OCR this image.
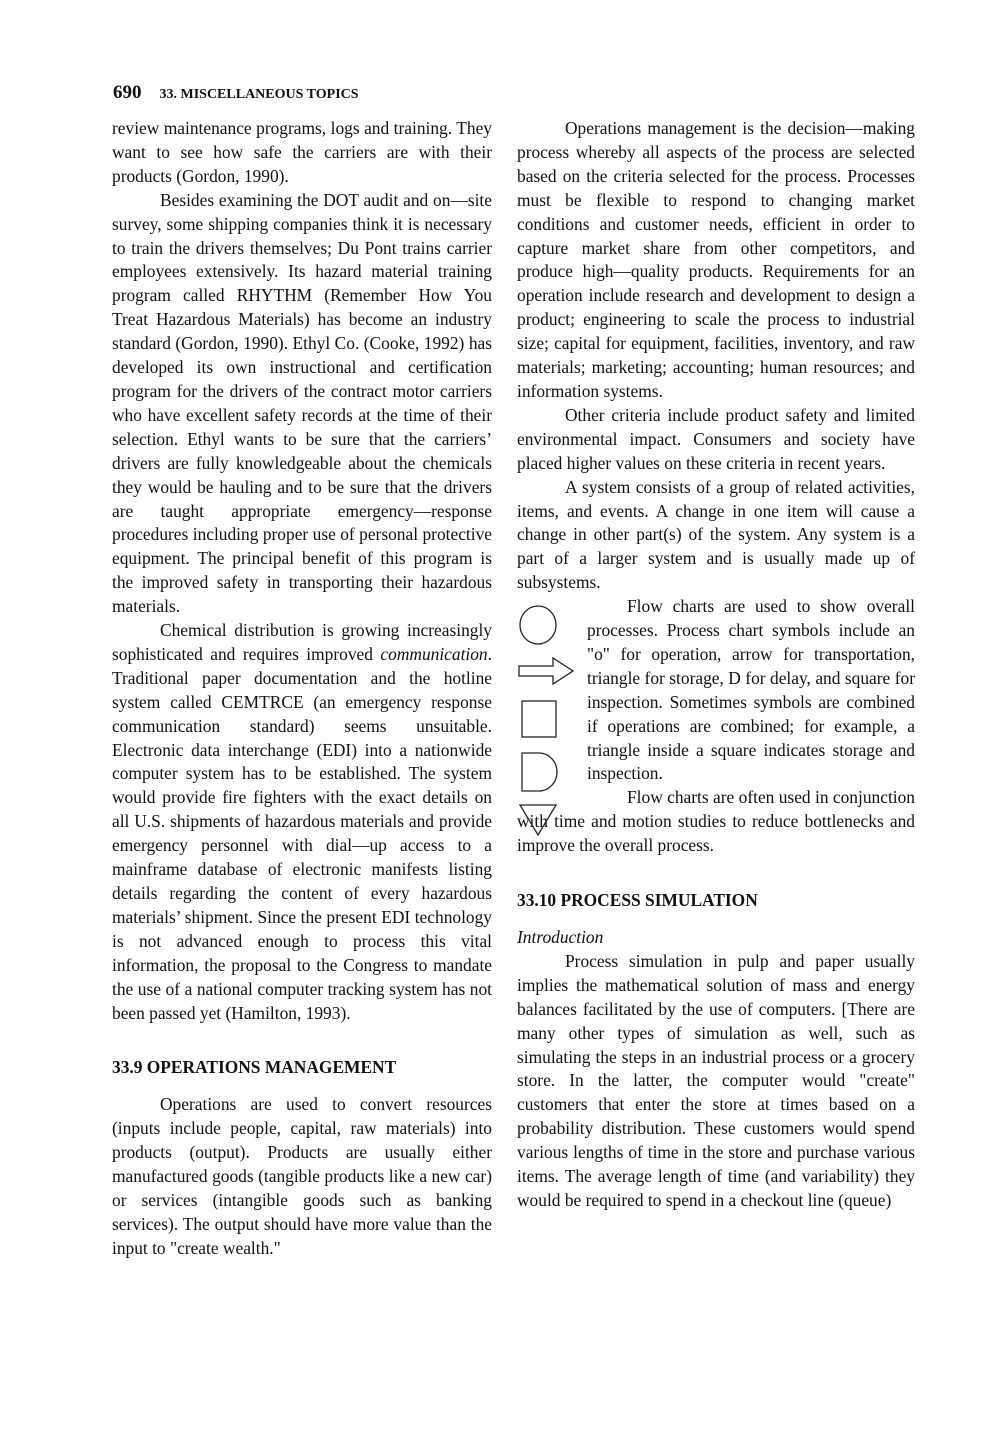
690 33. MISCELLANEOUS TOPICS

review maintenance programs, logs and training. They want to see how safe the carriers are with their products (Gordon, 1990).

Besides examining the DOT audit and on—site survey, some shipping companies think it is necessary to train the drivers themselves; Du Pont trains carrier employees extensively. Its hazard material training program called RHYTHM (Remember How You Treat Hazardous Materials) has become an industry standard (Gordon, 1990). Ethyl Co. (Cooke, 1992) has developed its own instructional and certification program for the drivers of the contract motor carriers who have excellent safety records at the time of their selection. Ethyl wants to be sure that the carriers’ drivers are fully knowledgeable about the chemicals they would be hauling and to be sure that the drivers are taught appropriate emergency—response procedures including proper use of personal protective equipment. The principal benefit of this program is the improved safety in transporting their hazardous materials.

Chemical distribution is growing increasingly sophisticated and requires improved communication. Traditional paper documentation and the hotline system called CEMTRCE (an emergency response communication standard) seems unsuitable. Electronic data interchange (EDI) into a nationwide computer system has to be established. The system would provide fire fighters with the exact details on all U.S. shipments of hazardous materials and provide emergency personnel with dial—up access to a mainframe database of electronic manifests listing details regarding the content of every hazardous materials’ shipment. Since the present EDI technology is not advanced enough to process this vital information, the proposal to the Congress to mandate the use of a national computer tracking system has not been passed yet (Hamilton, 1993).

33.9 OPERATIONS MANAGEMENT

Operations are used to convert resources (inputs include people, capital, raw materials) into products (output). Products are usually either manufactured goods (tangible products like a new car) or services (intangible goods such as banking services). The output should have more value than the input to "create wealth."

Operations management is the decision—making process whereby all aspects of the process are selected based on the criteria selected for the process. Processes must be flexible to respond to changing market conditions and customer needs, efficient in order to capture market share from other competitors, and produce high—quality products. Requirements for an operation include research and development to design a product; engineering to scale the process to industrial size; capital for equipment, facilities, inventory, and raw materials; marketing; accounting; human resources; and information systems.

Other criteria include product safety and limited environmental impact. Consumers and society have placed higher values on these criteria in recent years.

A system consists of a group of related activities, items, and events. A change in one item will cause a change in other part(s) of the system. Any system is a part of a larger system and is usually made up of subsystems.

Flow charts are used to show overall processes. Process chart symbols include an "o" for operation, arrow for transportation, triangle for storage, D for delay, and square for inspection. Sometimes symbols are combined if operations are combined; for example, a triangle inside a square indicates storage and inspection.

Flow charts are often used in conjunction with time and motion studies to reduce bottlenecks and improve the overall process.

33.10 PROCESS SIMULATION

Introduction

Process simulation in pulp and paper usually implies the mathematical solution of mass and energy balances facilitated by the use of computers. [There are many other types of simulation as well, such as simulating the steps in an industrial process or a grocery store. In the latter, the computer would "create" customers that enter the store at times based on a probability distribution. These customers would spend various lengths of time in the store and purchase various items. The average length of time (and variability) they would be required to spend in a checkout line (queue)
